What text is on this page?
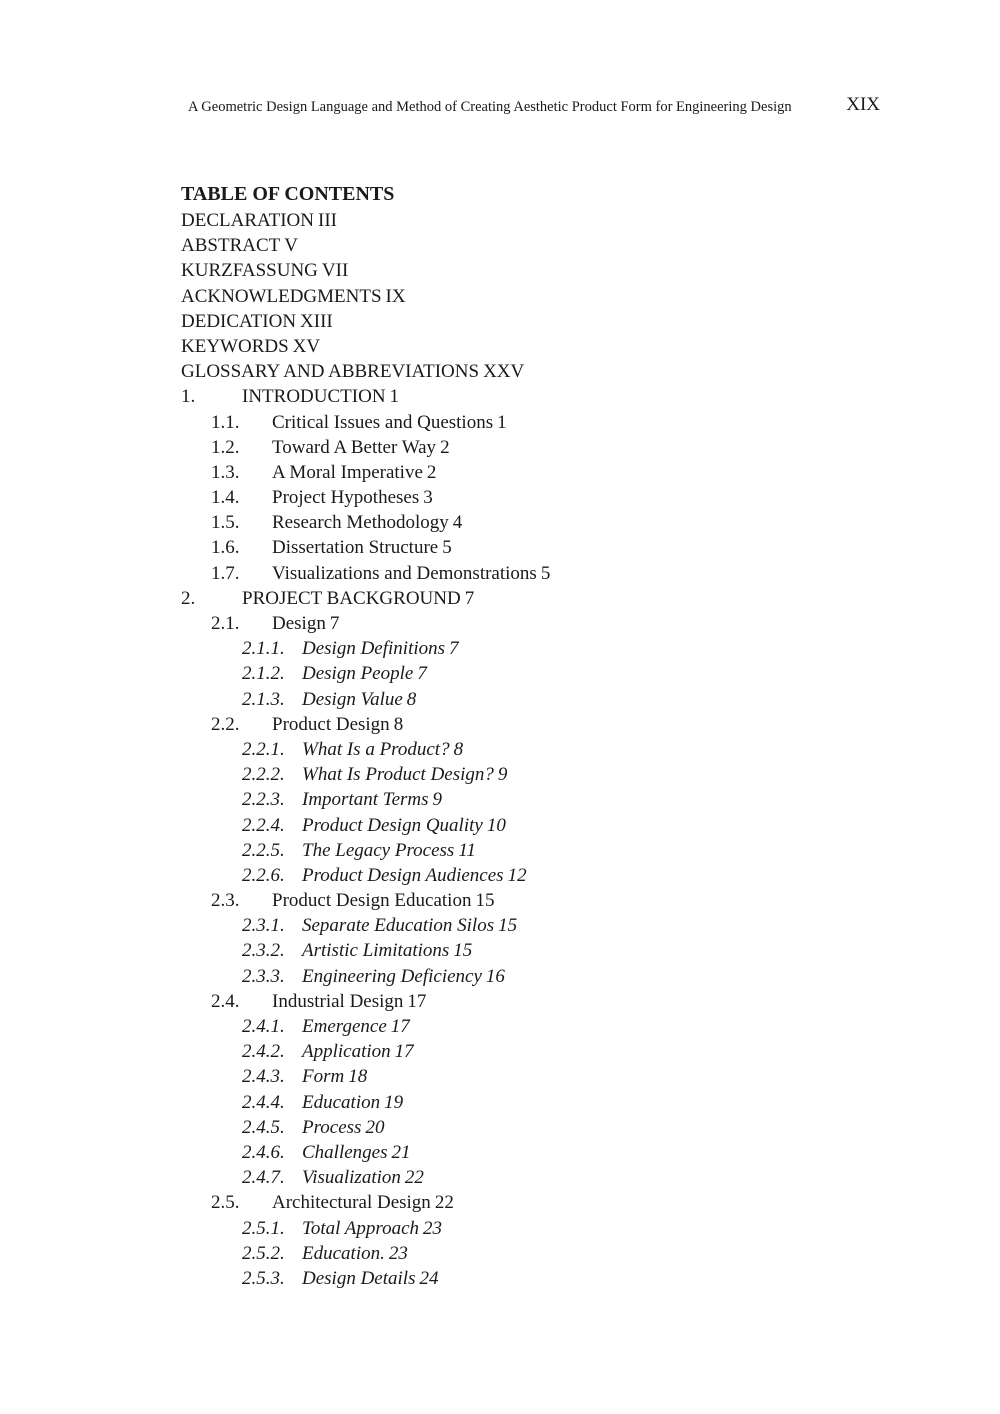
A Geometric Design Language and Method of Creating Aesthetic Product Form for Engineering Design	XIX
TABLE OF CONTENTS
DECLARATION III
ABSTRACT V
KURZFASSUNG VII
ACKNOWLEDGMENTS IX
DEDICATION XIII
KEYWORDS XV
GLOSSARY AND ABBREVIATIONS XXV
1.	INTRODUCTION 1
1.1.	Critical Issues and Questions 1
1.2.	Toward A Better Way 2
1.3.	A Moral Imperative 2
1.4.	Project Hypotheses 3
1.5.	Research Methodology 4
1.6.	Dissertation Structure 5
1.7.	Visualizations and Demonstrations 5
2.	PROJECT BACKGROUND 7
2.1.	Design 7
2.1.1. Design Definitions 7
2.1.2. Design People 7
2.1.3. Design Value 8
2.2.	Product Design 8
2.2.1. What Is a Product? 8
2.2.2. What Is Product Design? 9
2.2.3. Important Terms 9
2.2.4. Product Design Quality 10
2.2.5. The Legacy Process 11
2.2.6. Product Design Audiences 12
2.3.	Product Design Education 15
2.3.1. Separate Education Silos 15
2.3.2. Artistic Limitations 15
2.3.3. Engineering Deficiency 16
2.4.	Industrial Design 17
2.4.1. Emergence 17
2.4.2. Application 17
2.4.3. Form 18
2.4.4. Education 19
2.4.5. Process 20
2.4.6. Challenges 21
2.4.7. Visualization 22
2.5.	Architectural Design 22
2.5.1. Total Approach 23
2.5.2. Education. 23
2.5.3. Design Details 24
